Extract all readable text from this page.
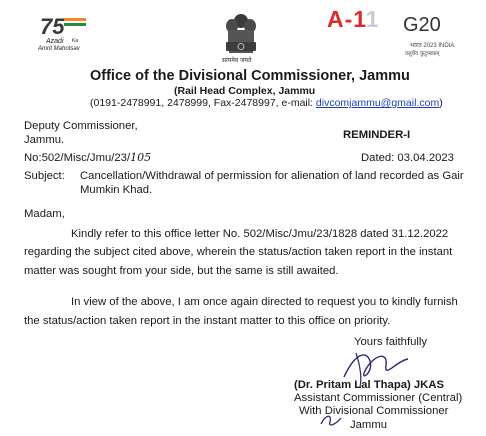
75
Azadi Ka
Amrit Mahotsav
सत्यमेव जयते
A-11 G20
भारत 2023 INDIA
वसुधैव कुटुम्बकम्
Office of the Divisional Commissioner, Jammu
(Rail Head Complex, Jammu
(0191-2478991, 2478999, Fax-2478997, e-mail: divcomjammu@gmail.com)
Deputy Commissioner,
Jammu.	REMINDER-I
No:502/Misc/Jmu/23/105	Dated: 03.04.2023
Subject: Cancellation/Withdrawal of permission for alienation of land recorded as Gair
Mumkin Khad.
Madam,
Kindly refer to this office letter No. 502/Misc/Jmu/23/1828 dated 31.12.2022
regarding the subject cited above, wherein the status/action taken report in the instant
matter was sought from your side, but the same is still awaited.
In view of the above, I am once again directed to request you to kindly furnish
the status/action taken report in the instant matter to this office on priority.
Yours faithfully
(Dr. Pritam Lal Thapa) JKAS
Assistant Commissioner (Central)
With Divisional Commissioner
Jammu
